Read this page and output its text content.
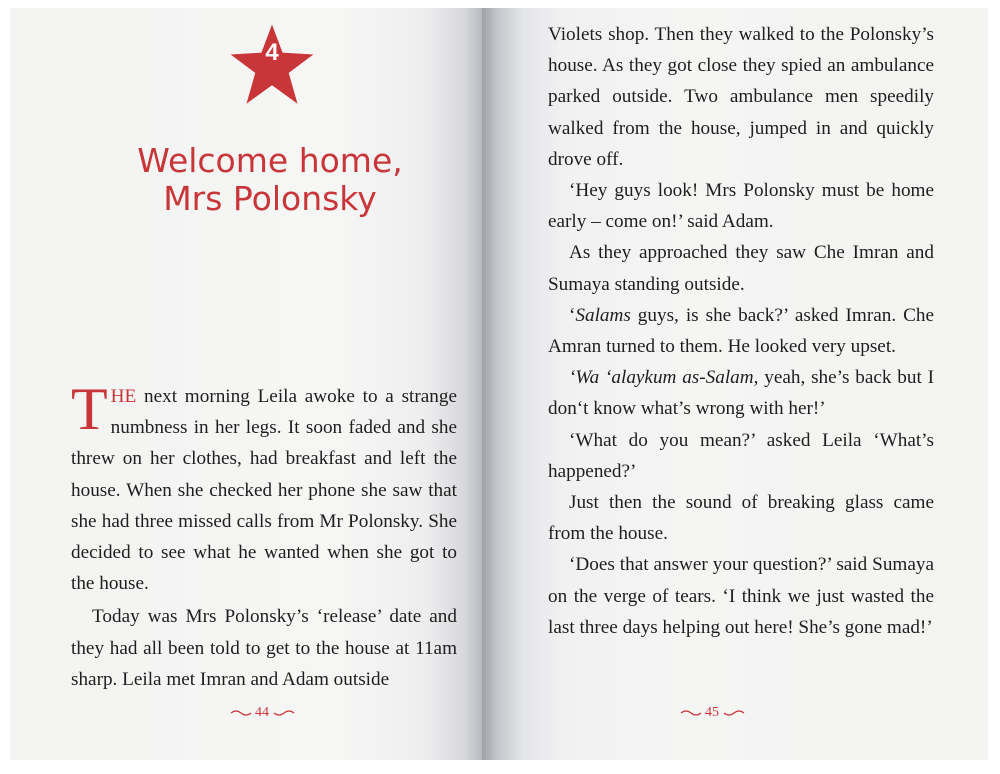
4
Welcome home,
Mrs Polonsky

THE next morning Leila awoke to a strange numbness in her legs. It soon faded and she threw on her clothes, had breakfast and left the house. When she checked her phone she saw that she had three missed calls from Mr Polonsky. She decided to see what he wanted when she got to the house.

Today was Mrs Polonsky’s ‘release’ date and they had all been told to get to the house at 11am sharp. Leila met Imran and Adam outside

44

Violets shop. Then they walked to the Polonsky’s house. As they got close they spied an ambulance parked outside. Two ambulance men speedily walked from the house, jumped in and quickly drove off.

‘Hey guys look! Mrs Polonsky must be home early – come on!’ said Adam.

As they approached they saw Che Imran and Sumaya standing outside.

‘Salams guys, is she back?’ asked Imran. Che Amran turned to them. He looked very upset.

‘Wa ‘alaykum as-Salam, yeah, she’s back but I don‘t know what’s wrong with her!’

‘What do you mean?’ asked Leila ‘What’s happened?’

Just then the sound of breaking glass came from the house.

‘Does that answer your question?’ said Sumaya on the verge of tears. ‘I think we just wasted the last three days helping out here! She’s gone mad!’

45
